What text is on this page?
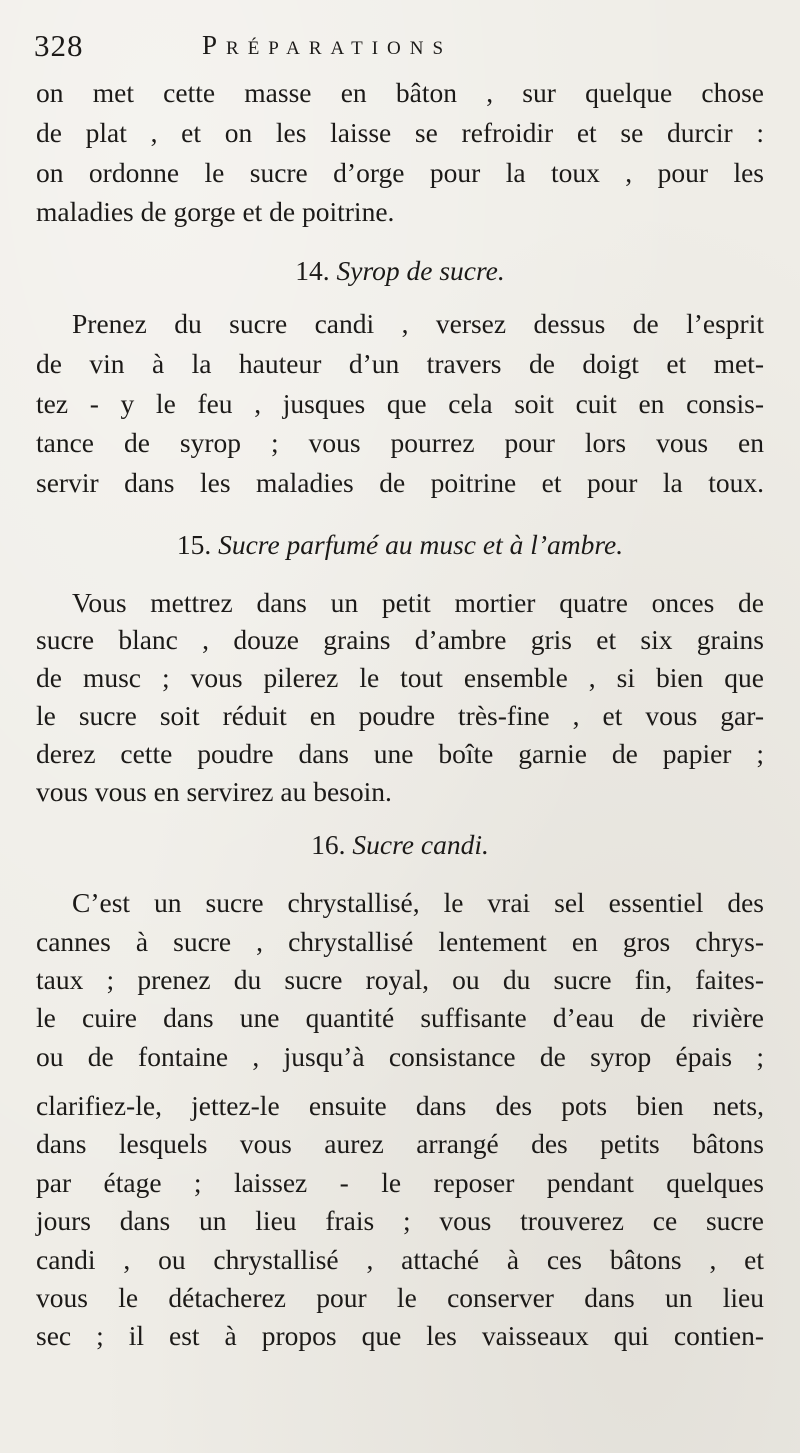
328	Préparations
on met cette masse en bâton , sur quelque chose
de plat , et on les laisse se refroidir et se durcir :
on ordonne le sucre d’orge pour la toux , pour les
maladies de gorge et de poitrine.
14. Syrop de sucre.
Prenez du sucre candi , versez dessus de l’esprit
de vin à la hauteur d’un travers de doigt et met-
tez - y le feu , jusques que cela soit cuit en consis-
tance de syrop ; vous pourrez pour lors vous en
servir dans les maladies de poitrine et pour la toux.
15. Sucre parfumé au musc et à l’ambre.
Vous mettrez dans un petit mortier quatre onces de
sucre blanc , douze grains d’ambre gris et six grains
de musc ; vous pilerez le tout ensemble , si bien que
le sucre soit réduit en poudre très-fine , et vous gar-
derez cette poudre dans une boîte garnie de papier ;
vous vous en servirez au besoin.
16. Sucre candi.
C’est un sucre chrystallisé, le vrai sel essentiel des
cannes à sucre , chrystallisé lentement en gros chrys-
taux ; prenez du sucre royal, ou du sucre fin, faites-
le cuire dans une quantité suffisante d’eau de rivière
ou de fontaine , jusqu’à consistance de syrop épais ;
clarifiez-le, jettez-le ensuite dans des pots bien nets,
dans lesquels vous aurez arrangé des petits bâtons
par étage ; laissez - le reposer pendant quelques
jours dans un lieu frais ; vous trouverez ce sucre
candi , ou chrystallisé , attaché à ces bâtons , et
vous le détacherez pour le conserver dans un lieu
sec ; il est à propos que les vaisseaux qui contien-
